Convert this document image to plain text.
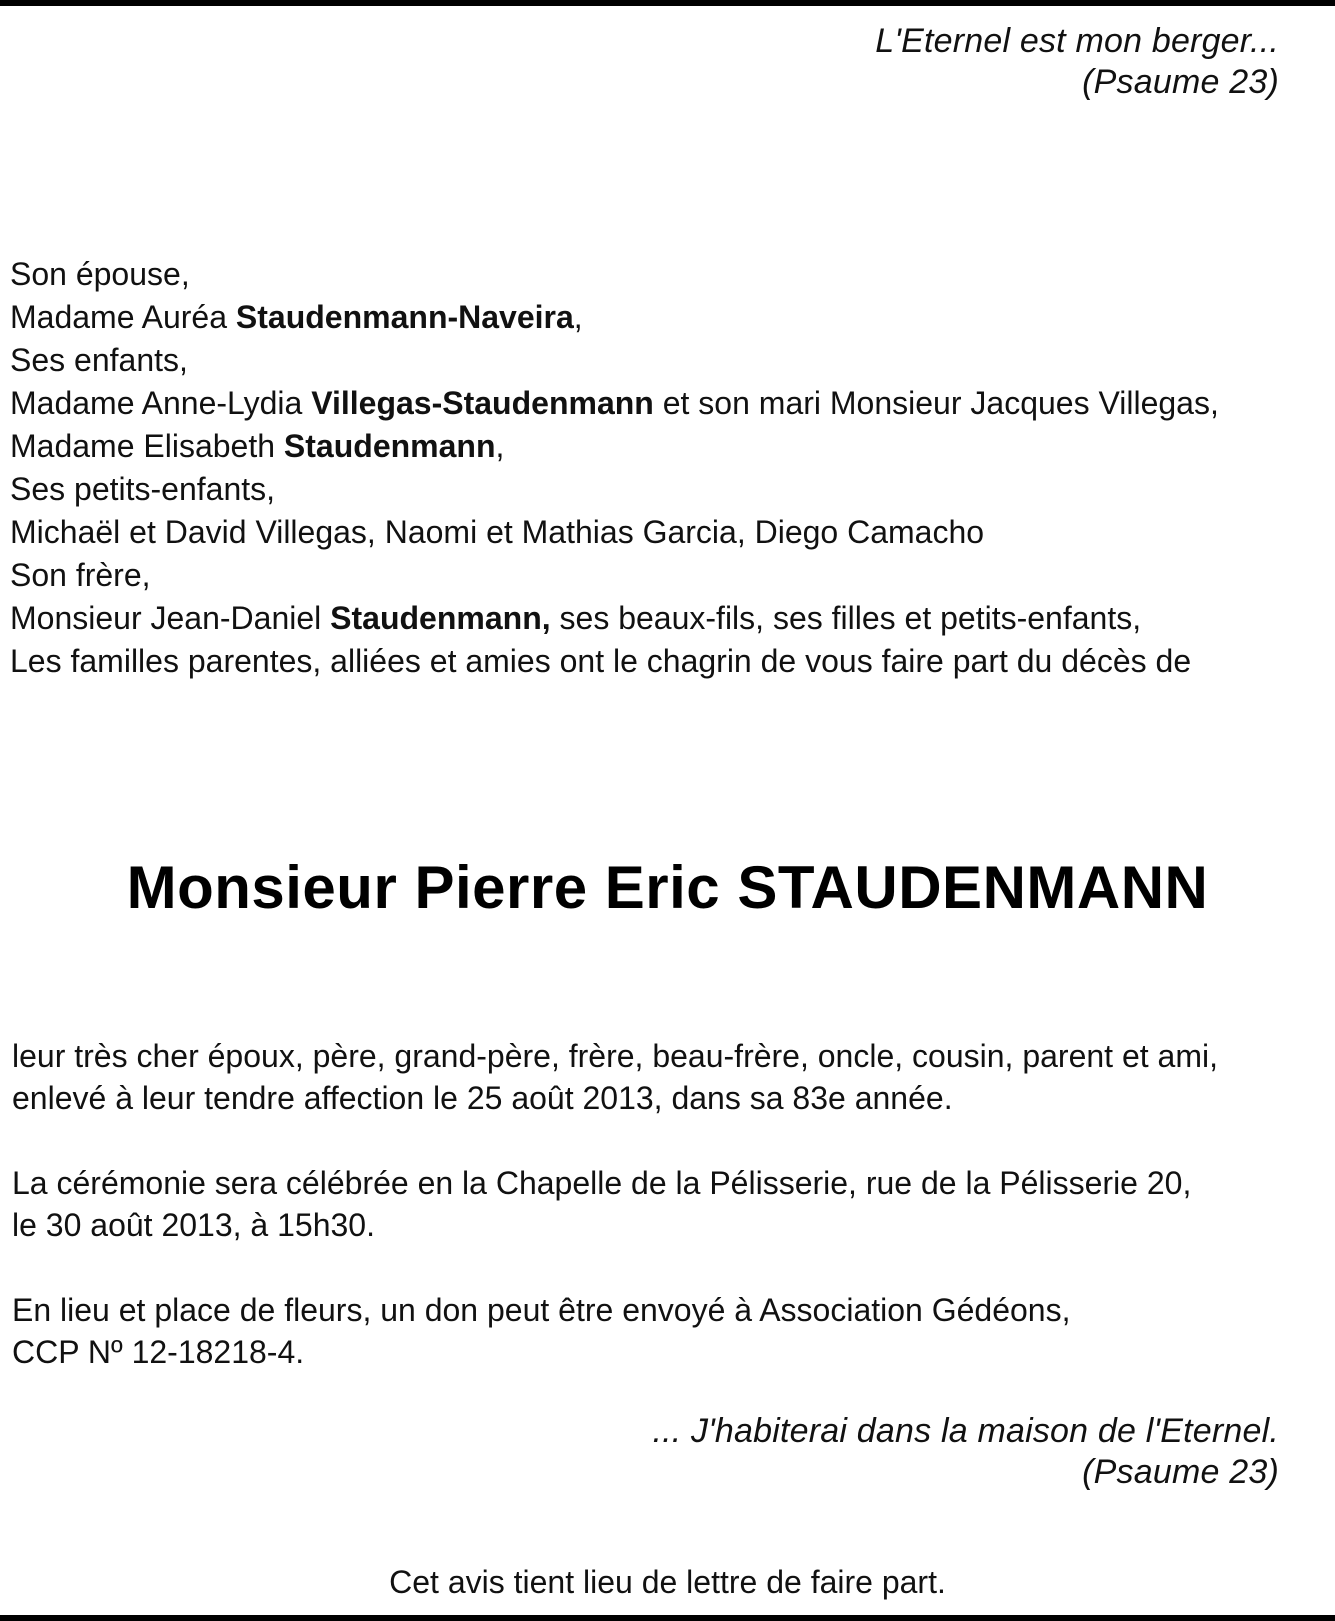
L'Eternel est mon berger...
(Psaume 23)
Son épouse,
Madame Auréa Staudenmann-Naveira,
Ses enfants,
Madame Anne-Lydia Villegas-Staudenmann et son mari Monsieur Jacques Villegas,
Madame Elisabeth Staudenmann,
Ses petits-enfants,
Michaël et David Villegas, Naomi et Mathias Garcia, Diego Camacho
Son frère,
Monsieur Jean-Daniel Staudenmann, ses beaux-fils, ses filles et petits-enfants,
Les familles parentes, alliées et amies ont le chagrin de vous faire part du décès de
Monsieur Pierre Eric STAUDENMANN
leur très cher époux, père, grand-père, frère, beau-frère, oncle, cousin, parent et ami,
enlevé à leur tendre affection le 25 août 2013, dans sa 83e année.
La cérémonie sera célébrée en la Chapelle de la Pélisserie, rue de la Pélisserie 20,
le 30 août 2013, à 15h30.
En lieu et place de fleurs, un don peut être envoyé à Association Gédéons,
CCP Nº 12-18218-4.
... J'habiterai dans la maison de l'Eternel.
(Psaume 23)
Cet avis tient lieu de lettre de faire part.
